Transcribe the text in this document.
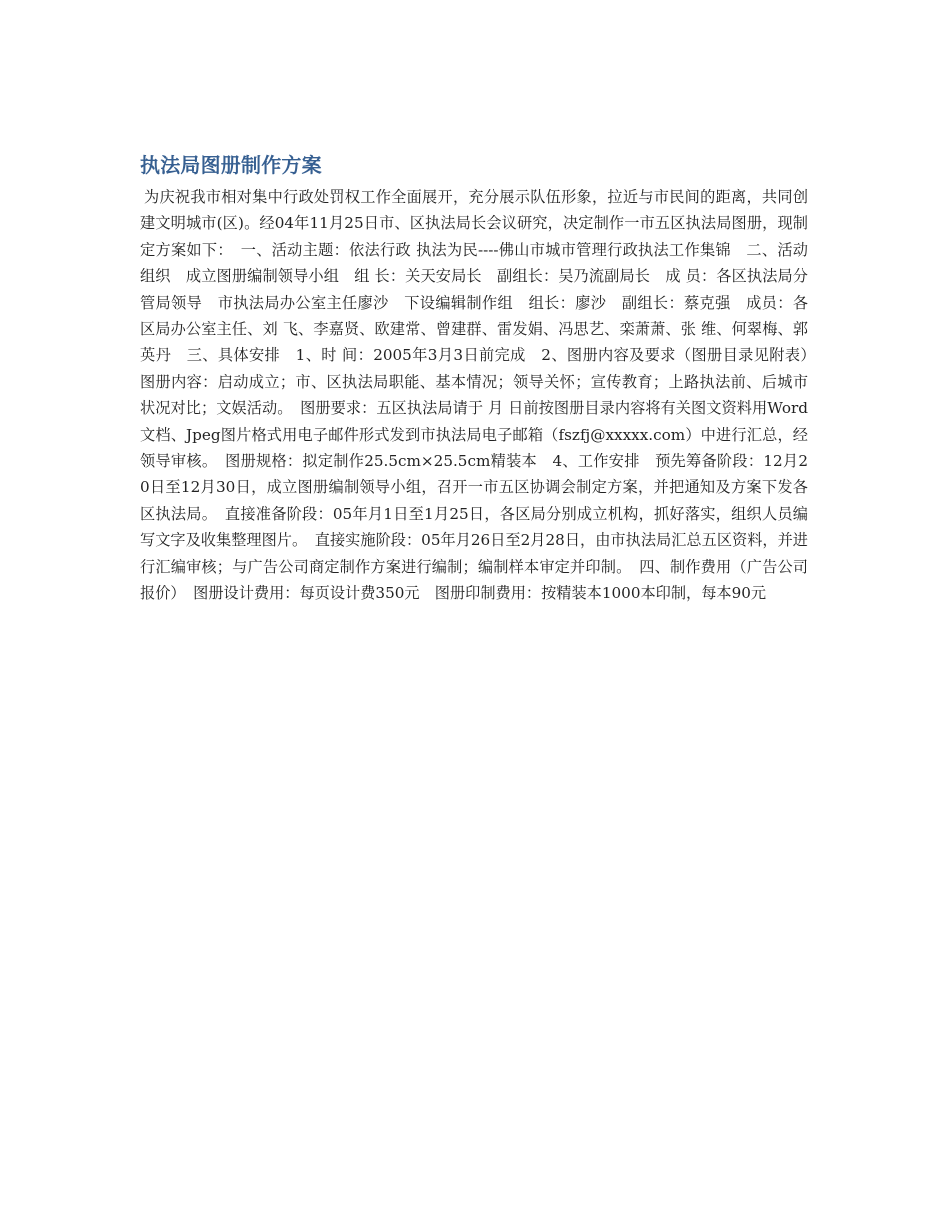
执法局图册制作方案

为庆祝我市相对集中行政处罚权工作全面展开，充分展示队伍形象，拉近与市民间的距离，共同创建文明城市(区)。经04年11月25日市、区执法局长会议研究，决定制作一市五区执法局图册，现制定方案如下：　一、活动主题：依法行政 执法为民----佛山市城市管理行政执法工作集锦　二、活动组织　成立图册编制领导小组　组 长：关天安局长　副组长：吴乃流副局长　成 员：各区执法局分管局领导　市执法局办公室主任廖沙　下设编辑制作组　组长：廖沙　副组长：蔡克强　成员：各区局办公室主任、刘 飞、李嘉贤、欧建常、曾建群、雷发娟、冯思艺、栾萧萧、张 维、何翠梅、郭英丹　三、具体安排　1、时 间：2005年3月3日前完成　2、图册内容及要求（图册目录见附表）　图册内容：启动成立；市、区执法局职能、基本情况；领导关怀；宣传教育；上路执法前、后城市状况对比；文娱活动。　图册要求：五区执法局请于 月 日前按图册目录内容将有关图文资料用Word文档、Jpeg图片格式用电子邮件形式发到市执法局电子邮箱（fszfj@xxxxx.com）中进行汇总，经领导审核。　图册规格：拟定制作25.5cm×25.5cm精装本　4、工作安排　预先筹备阶段：12月20日至12月30日，成立图册编制领导小组，召开一市五区协调会制定方案，并把通知及方案下发各区执法局。　直接准备阶段：05年月1日至1月25日，各区局分别成立机构，抓好落实，组织人员编写文字及收集整理图片。　直接实施阶段：05年月26日至2月28日，由市执法局汇总五区资料，并进行汇编审核；与广告公司商定制作方案进行编制；编制样本审定并印制。　四、制作费用（广告公司报价）　图册设计费用：每页设计费350元　图册印制费用：按精装本1000本印制，每本90元
